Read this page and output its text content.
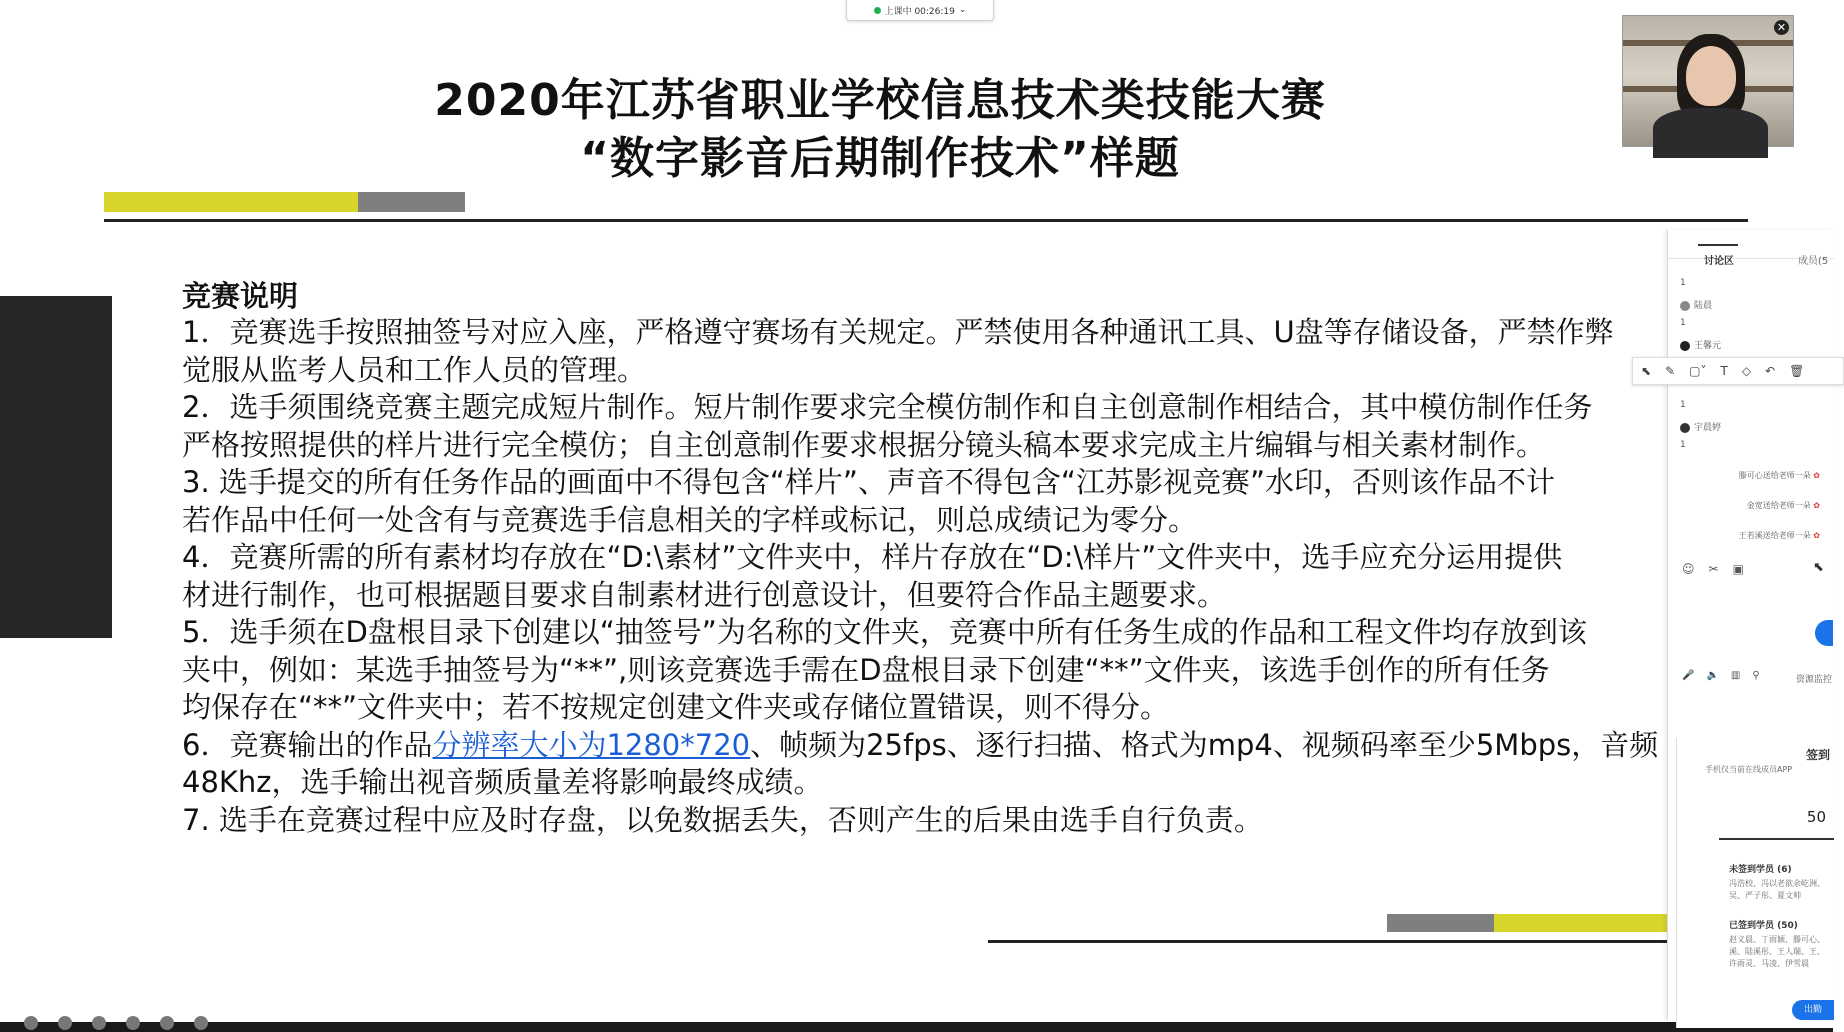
上课中 00:26:19 ⌄
2020年江苏省职业学校信息技术类技能大赛
“数字影音后期制作技术”样题
竞赛说明
1．竞赛选手按照抽签号对应入座，严格遵守赛场有关规定。严禁使用各种通讯工具、U盘等存储设备，严禁作弊
觉服从监考人员和工作人员的管理。
2．选手须围绕竞赛主题完成短片制作。短片制作要求完全模仿制作和自主创意制作相结合，其中模仿制作任务
严格按照提供的样片进行完全模仿；自主创意制作要求根据分镜头稿本要求完成主片编辑与相关素材制作。
3. 选手提交的所有任务作品的画面中不得包含“样片”、声音不得包含“江苏影视竞赛”水印，否则该作品不计
若作品中任何一处含有与竞赛选手信息相关的字样或标记，则总成绩记为零分。
4．竞赛所需的所有素材均存放在“D:\素材”文件夹中，样片存放在“D:\样片”文件夹中，选手应充分运用提供
材进行制作，也可根据题目要求自制素材进行创意设计，但要符合作品主题要求。
5．选手须在D盘根目录下创建以“抽签号”为名称的文件夹，竞赛中所有任务生成的作品和工程文件均存放到该
夹中，例如：某选手抽签号为“**”,则该竞赛选手需在D盘根目录下创建“**”文件夹，该选手创作的所有任务
均保存在“**”文件夹中；若不按规定创建文件夹或存储位置错误，则不得分。
6．竞赛输出的作品分辨率大小为1280*720、帧频为25fps、逐行扫描、格式为mp4、视频码率至少5Mbps，音频
48Khz，选手输出视音频质量差将影响最终成绩。
7. 选手在竞赛过程中应及时存盘，以免数据丢失，否则产生的后果由选手自行负责。
✕
讨论区	成员(5
1
陆晨
1
王馨元
⬉ ✎ ▢˅ T ◇ ↶ 🗑
1
宇晨婷
1
滕可心送给老师一朵 ✿
金宽送给老师一朵 ✿
王若溪送给老师一朵 ✿
☺ ✂ ▣
🎤 🔈 ▥ ⚲	资源监控
⬉
签到
手机仅当前在线成员APP
50
未签到学员 (6)
冯浩校、冯以老欲余屹洲、吴、严子彤、夏文帅
已签到学员 (50)
赵义晨、丁雨颖、滕可心、溪、陆溪彤、王人瑞、王、许雨灵、马凌、伊雪晨
出勤
